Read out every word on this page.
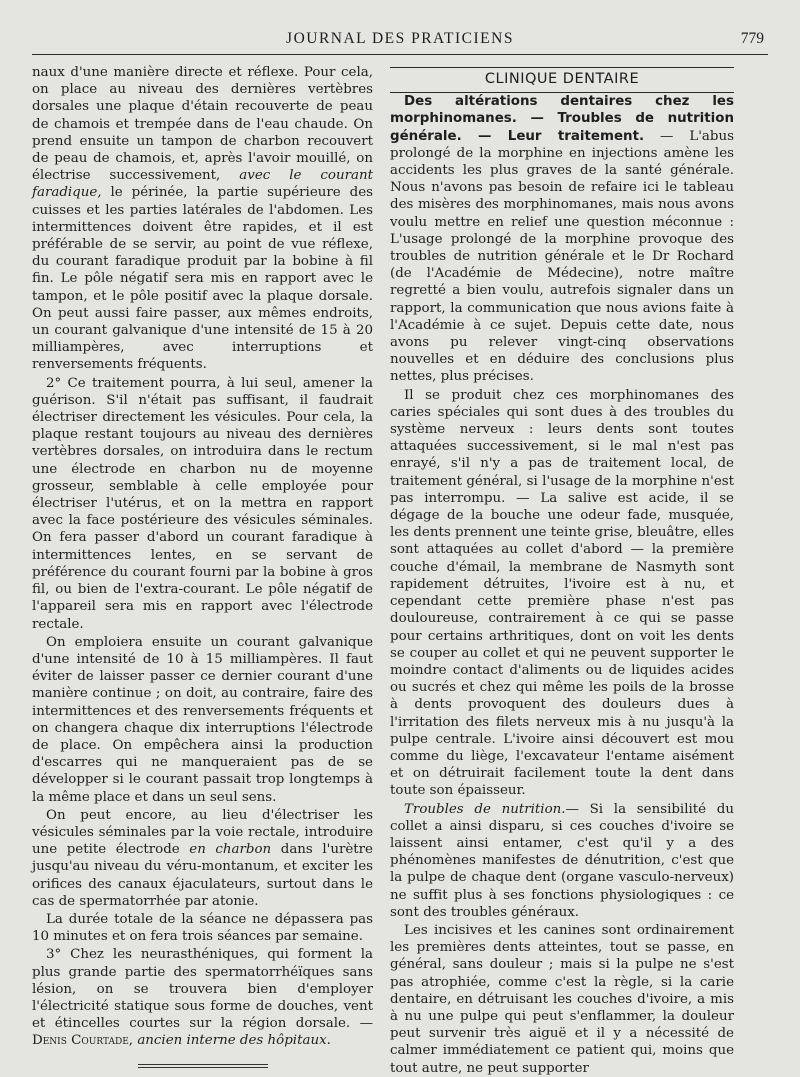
JOURNAL DES PRATICIENS	779

naux d'une manière directe et réflexe. Pour cela, on place au niveau des dernières vertèbres dorsales une plaque d'étain recouverte de peau de chamois et trempée dans de l'eau chaude. On prend ensuite un tampon de charbon recouvert de peau de chamois, et, après l'avoir mouillé, on électrise successivement, avec le courant faradique, le périnée, la partie supérieure des cuisses et les parties latérales de l'abdomen. Les intermittences doivent être rapides, et il est préférable de se servir, au point de vue réflexe, du courant faradique produit par la bobine à fil fin. Le pôle négatif sera mis en rapport avec le tampon, et le pôle positif avec la plaque dorsale. On peut aussi faire passer, aux mêmes endroits, un courant galvanique d'une intensité de 15 à 20 milliampères, avec interruptions et renversements fréquents.

2° Ce traitement pourra, à lui seul, amener la guérison. S'il n'était pas suffisant, il faudrait électriser directement les vésicules. Pour cela, la plaque restant toujours au niveau des dernières vertèbres dorsales, on introduira dans le rectum une électrode en charbon nu de moyenne grosseur, semblable à celle employée pour électriser l'utérus, et on la mettra en rapport avec la face postérieure des vésicules séminales. On fera passer d'abord un courant faradique à intermittences lentes, en se servant de préférence du courant fourni par la bobine à gros fil, ou bien de l'extra-courant. Le pôle négatif de l'appareil sera mis en rapport avec l'électrode rectale.

On emploiera ensuite un courant galvanique d'une intensité de 10 à 15 milliampères. Il faut éviter de laisser passer ce dernier courant d'une manière continue ; on doit, au contraire, faire des intermittences et des renversements fréquents et on changera chaque dix interruptions l'électrode de place. On empêchera ainsi la production d'escarres qui ne manqueraient pas de se développer si le courant passait trop longtemps à la même place et dans un seul sens.

On peut encore, au lieu d'électriser les vésicules séminales par la voie rectale, introduire une petite électrode en charbon dans l'urètre jusqu'au niveau du véru-montanum, et exciter les orifices des canaux éjaculateurs, surtout dans le cas de spermatorrhée par atonie.

La durée totale de la séance ne dépassera pas 10 minutes et on fera trois séances par semaine.

3° Chez les neurasthéniques, qui forment la plus grande partie des spermatorrhéïques sans lésion, on se trouvera bien d'employer l'électricité statique sous forme de douches, vent et étincelles courtes sur la région dorsale. — Denis Courtade, ancien interne des hôpitaux.

CLINIQUE DENTAIRE

Des altérations dentaires chez les morphinomanes. — Troubles de nutrition générale. — Leur traitement. — L'abus prolongé de la morphine en injections amène les accidents les plus graves de la santé générale. Nous n'avons pas besoin de refaire ici le tableau des misères des morphinomanes, mais nous avons voulu mettre en relief une question méconnue : L'usage prolongé de la morphine provoque des troubles de nutrition générale et le Dr Rochard (de l'Académie de Médecine), notre maître regretté a bien voulu, autrefois signaler dans un rapport, la communication que nous avions faite à l'Académie à ce sujet. Depuis cette date, nous avons pu relever vingt-cinq observations nouvelles et en déduire des conclusions plus nettes, plus précises.

Il se produit chez ces morphinomanes des caries spéciales qui sont dues à des troubles du système nerveux : leurs dents sont toutes attaquées successivement, si le mal n'est pas enrayé, s'il n'y a pas de traitement local, de traitement général, si l'usage de la morphine n'est pas interrompu. — La salive est acide, il se dégage de la bouche une odeur fade, musquée, les dents prennent une teinte grise, bleuâtre, elles sont attaquées au collet d'abord — la première couche d'émail, la membrane de Nasmyth sont rapidement détruites, l'ivoire est à nu, et cependant cette première phase n'est pas douloureuse, contrairement à ce qui se passe pour certains arthritiques, dont on voit les dents se couper au collet et qui ne peuvent supporter le moindre contact d'aliments ou de liquides acides ou sucrés et chez qui même les poils de la brosse à dents provoquent des douleurs dues à l'irritation des filets nerveux mis à nu jusqu'à la pulpe centrale. L'ivoire ainsi découvert est mou comme du liège, l'excavateur l'entame aisément et on détruirait facilement toute la dent dans toute son épaisseur.

Troubles de nutrition.— Si la sensibilité du collet a ainsi disparu, si ces couches d'ivoire se laissent ainsi entamer, c'est qu'il y a des phénomènes manifestes de dénutrition, c'est que la pulpe de chaque dent (organe vasculo-nerveux) ne suffit plus à ses fonctions physiologiques : ce sont des troubles généraux.

Les incisives et les canines sont ordinairement les premières dents atteintes, tout se passe, en général, sans douleur ; mais si la pulpe ne s'est pas atrophiée, comme c'est la règle, si la carie dentaire, en détruisant les couches d'ivoire, a mis à nu une pulpe qui peut s'enflammer, la douleur peut survenir très aiguë et il y a nécessité de calmer immédiatement ce patient qui, moins que tout autre, ne peut supporter
